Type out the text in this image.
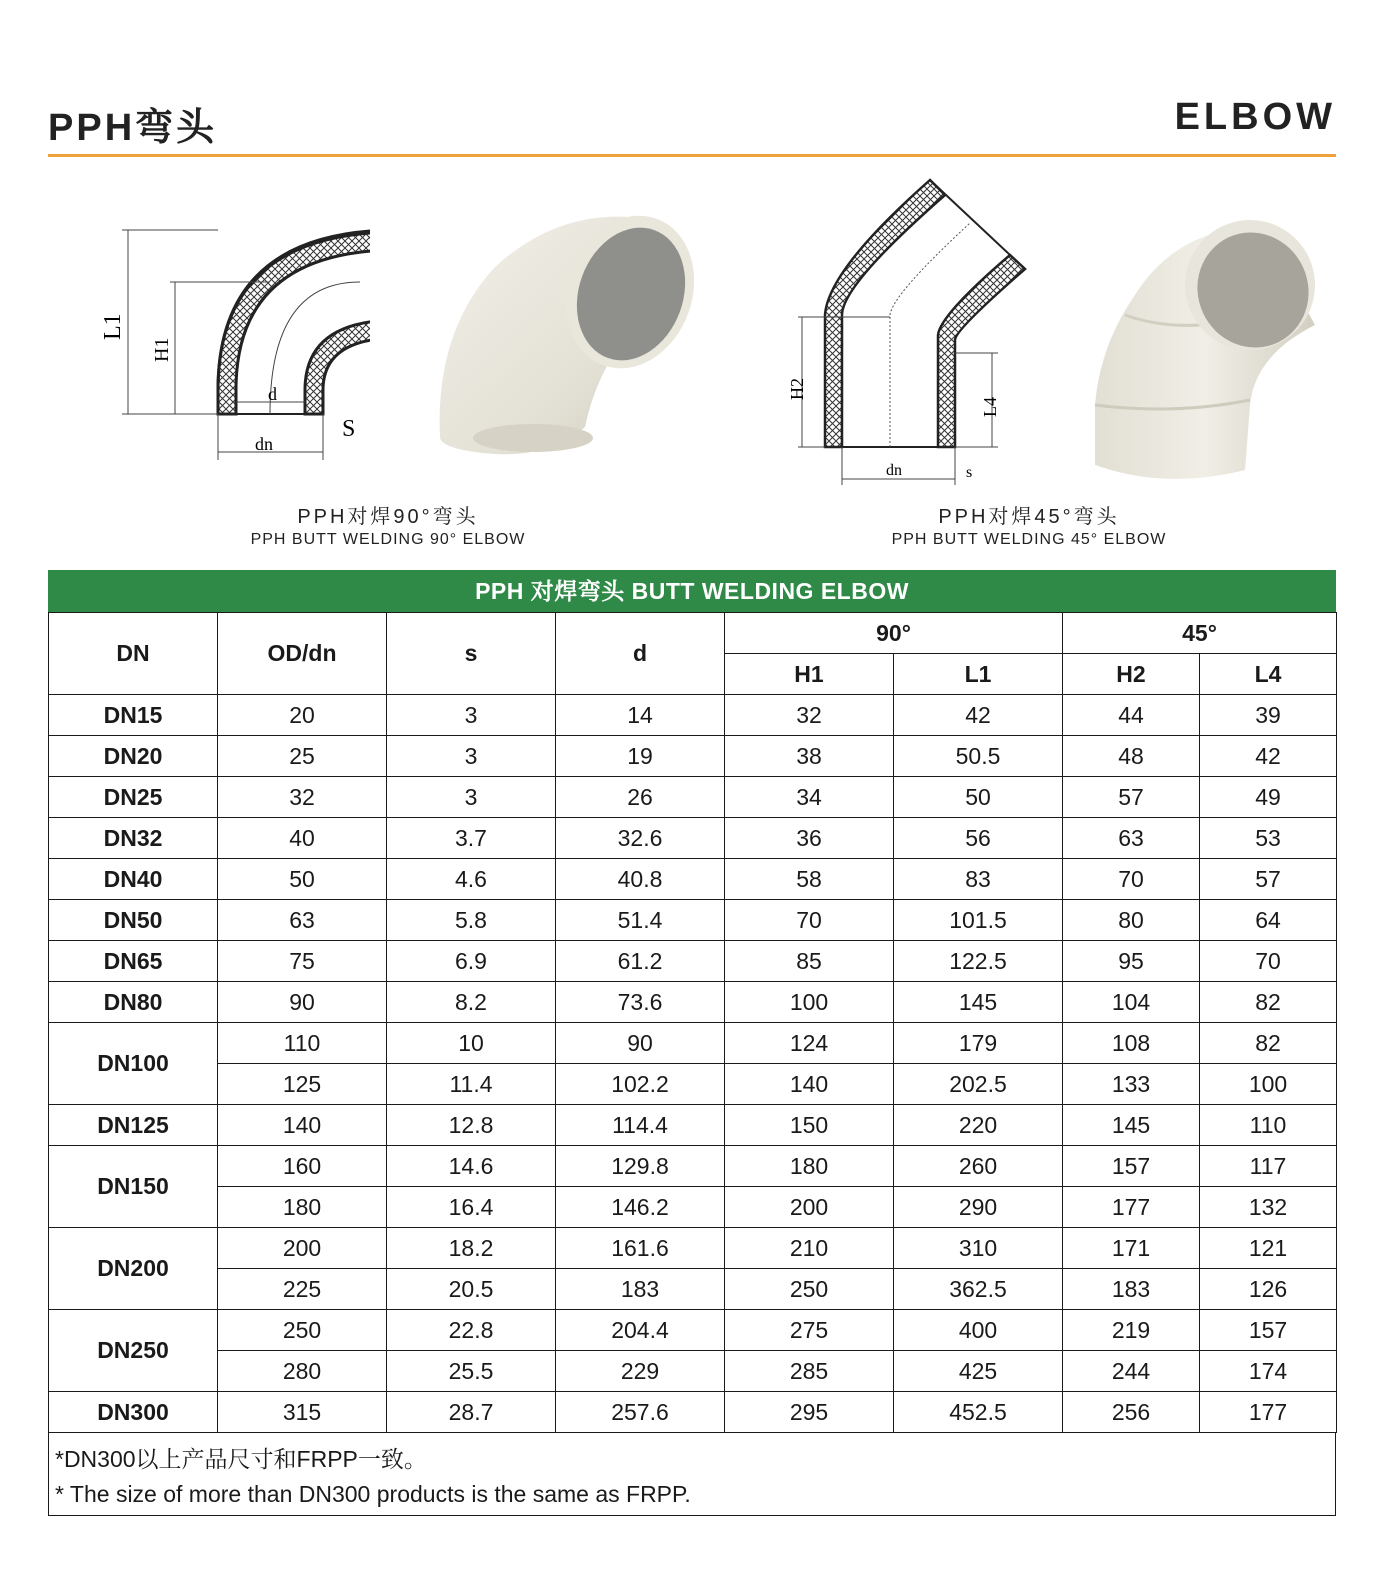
PPH弯头	ELBOW
L1
H1
d
dn
S
H2
L4
dn	s
PPH对焊90°弯头
PPH BUTT WELDING 90° ELBOW
PPH对焊45°弯头
PPH BUTT WELDING 45° ELBOW
PPH 对焊弯头 BUTT WELDING ELBOW
DN	OD/dn	s	d	90°		45°	
				H1	L1	H2	L4
DN15	20	3	14	32	42	44	39
DN20	25	3	19	38	50.5	48	42
DN25	32	3	26	34	50	57	49
DN32	40	3.7	32.6	36	56	63	53
DN40	50	4.6	40.8	58	83	70	57
DN50	63	5.8	51.4	70	101.5	80	64
DN65	75	6.9	61.2	85	122.5	95	70
DN80	90	8.2	73.6	100	145	104	82
DN100	110	10	90	124	179	108	82
	125	11.4	102.2	140	202.5	133	100
DN125	140	12.8	114.4	150	220	145	110
DN150	160	14.6	129.8	180	260	157	117
	180	16.4	146.2	200	290	177	132
DN200	200	18.2	161.6	210	310	171	121
	225	20.5	183	250	362.5	183	126
DN250	250	22.8	204.4	275	400	219	157
	280	25.5	229	285	425	244	174
DN300	315	28.7	257.6	295	452.5	256	177
*DN300以上产品尺寸和FRPP一致。
* The size of more than DN300 products is the same as FRPP.
